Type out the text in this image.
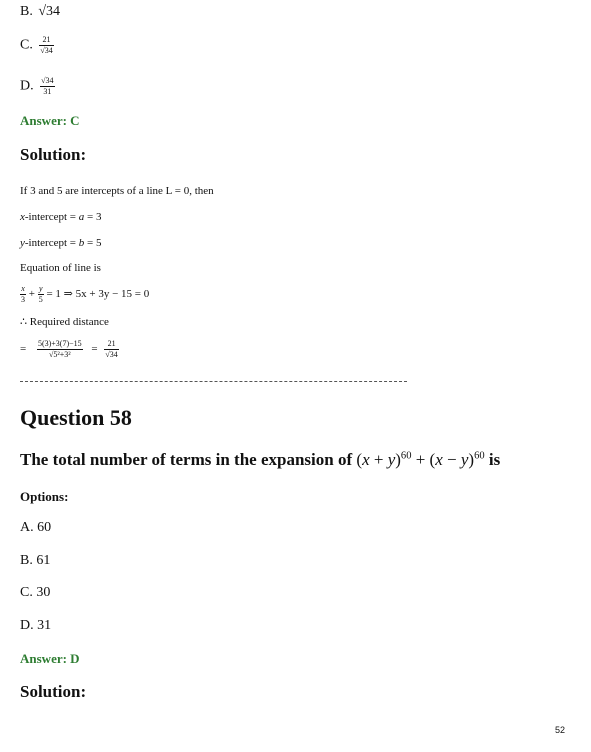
B. √34
C. $\frac{21}{√34}$
D. $\frac{√34}{31}$
Answer: C
Solution:
If 3 and 5 are intercepts of a line L = 0, then
x-intercept = a = 3
y-intercept = b = 5
Equation of line is
$\frac{x}{3} + \frac{y}{5} = 1$ ⇒ 5x + 3y − 15 = 0
∴ Required distance
= $\frac{5(3)+3(7)-15}{\text{√5²+3²}} = \frac{21}{√34}$
Question 58
The total number of terms in the expansion of $(x + y)^{60} + (x - y)^{60}$ is
Options:
A. 60
B. 61
C. 30
D. 31
Answer: D
Solution:
52
